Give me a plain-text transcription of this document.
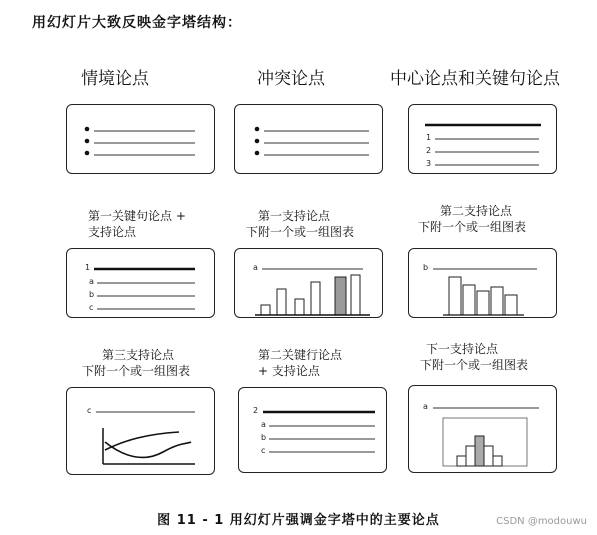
用幻灯片大致反映金字塔结构：
情境论点	冲突论点	中心论点和关键句论点
1
2
3
第一关键句论点 +
支持论点
第一支持论点
下附一个或一组图表
第二支持论点
下附一个或一组图表
1
a
b
c
a	b
第三支持论点
下附一个或一组图表
第二关键行论点
+ 支持论点
下一支持论点
下附一个或一组图表
c	2
a
b
c
a
图 11 - 1 用幻灯片强调金字塔中的主要论点	CSDN @modouwu
